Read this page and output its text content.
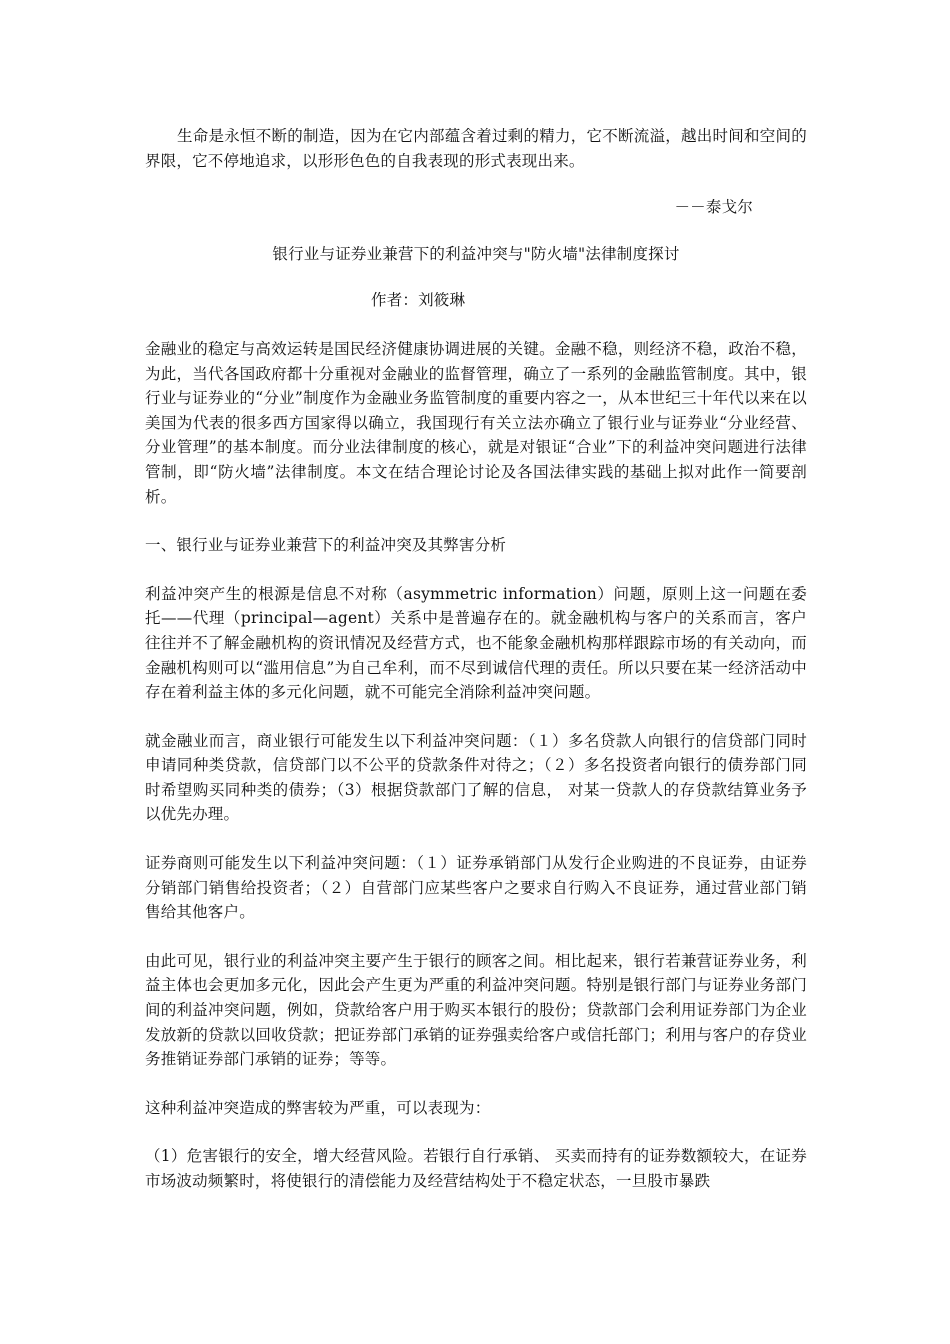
生命是永恒不断的制造，因为在它内部蕴含着过剩的精力，它不断流溢，越出时间和空间的界限，它不停地追求，以形形色色的自我表现的形式表现出来。

－－泰戈尔

银行业与证券业兼营下的利益冲突与"防火墙"法律制度探讨

作者：刘筱琳

金融业的稳定与高效运转是国民经济健康协调进展的关键。金融不稳，则经济不稳，政治不稳，为此，当代各国政府都十分重视对金融业的监督管理，确立了一系列的金融监管制度。其中，银行业与证券业的“分业”制度作为金融业务监管制度的重要内容之一，从本世纪三十年代以来在以美国为代表的很多西方国家得以确立，我国现行有关立法亦确立了银行业与证券业“分业经营、分业管理”的基本制度。而分业法律制度的核心，就是对银证“合业”下的利益冲突问题进行法律管制，即“防火墙”法律制度。本文在结合理论讨论及各国法律实践的基础上拟对此作一简要剖析。

一、银行业与证券业兼营下的利益冲突及其弊害分析

利益冲突产生的根源是信息不对称（asymmetric information）问题，原则上这一问题在委托——代理（principal—agent）关系中是普遍存在的。就金融机构与客户的关系而言，客户往往并不了解金融机构的资讯情况及经营方式，也不能象金融机构那样跟踪市场的有关动向，而金融机构则可以“滥用信息”为自己牟利，而不尽到诚信代理的责任。所以只要在某一经济活动中存在着利益主体的多元化问题，就不可能完全消除利益冲突问题。

就金融业而言，商业银行可能发生以下利益冲突问题：（１）多名贷款人向银行的信贷部门同时申请同种类贷款，信贷部门以不公平的贷款条件对待之；（２）多名投资者向银行的债券部门同时希望购买同种类的债券；（3）根据贷款部门了解的信息， 对某一贷款人的存贷款结算业务予以优先办理。

证券商则可能发生以下利益冲突问题：（１）证券承销部门从发行企业购进的不良证券，由证券分销部门销售给投资者；（２）自营部门应某些客户之要求自行购入不良证券，通过营业部门销售给其他客户。

由此可见，银行业的利益冲突主要产生于银行的顾客之间。相比起来，银行若兼营证券业务，利益主体也会更加多元化，因此会产生更为严重的利益冲突问题。特别是银行部门与证券业务部门间的利益冲突问题，例如，贷款给客户用于购买本银行的股份；贷款部门会利用证券部门为企业发放新的贷款以回收贷款；把证券部门承销的证券强卖给客户或信托部门；利用与客户的存贷业务推销证券部门承销的证券；等等。

这种利益冲突造成的弊害较为严重，可以表现为：

（1）危害银行的安全，增大经营风险。若银行自行承销、 买卖而持有的证券数额较大，在证券市场波动频繁时，将使银行的清偿能力及经营结构处于不稳定状态，一旦股市暴跌
